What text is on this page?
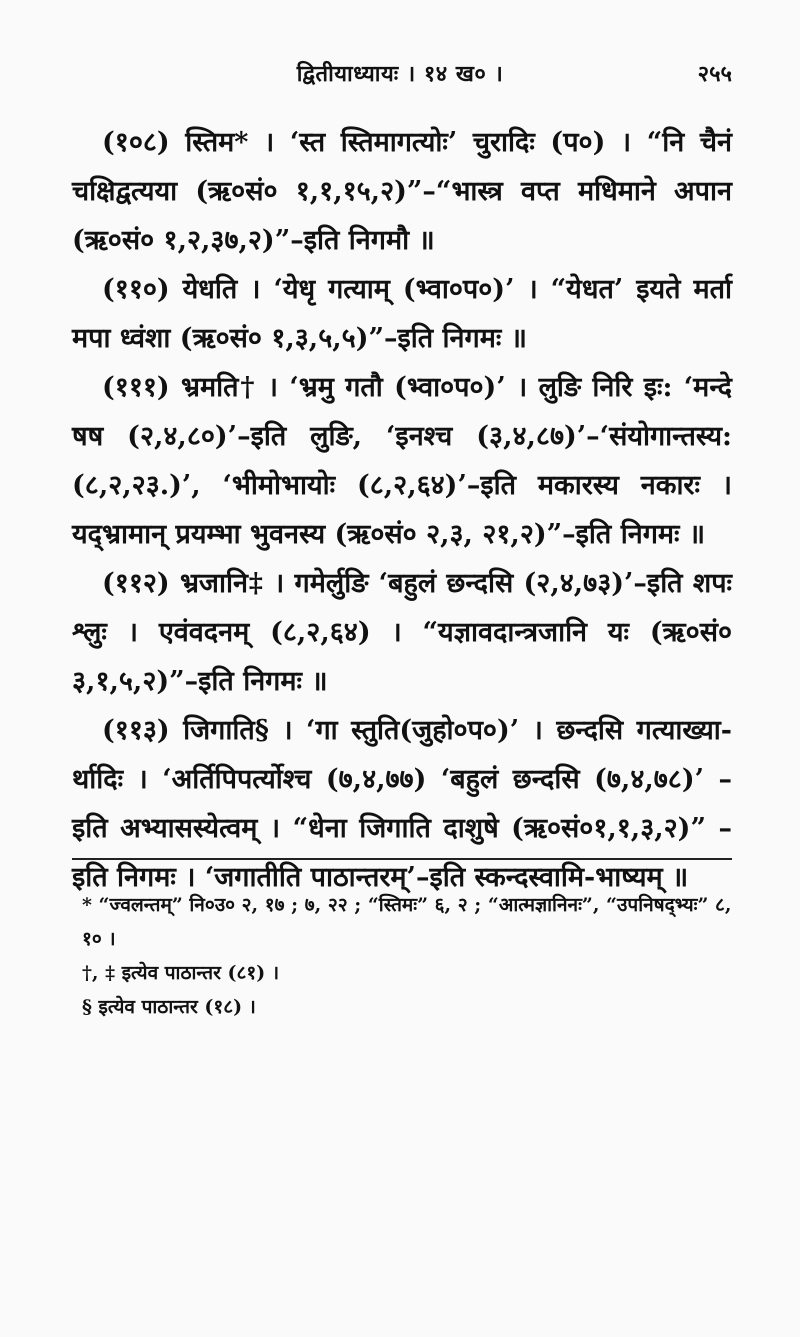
द्वितीयाध्यायः । १४ ख० ।	२५५

(१०८) स्तिम* । ‘स्त स्तिमागत्योः’ चुरादिः (प०) । “नि चैनं चक्षिद्वत्यया (ऋ०सं० १,१,१५,२)”–“भास्त्र वप्त मधिमाने अपान (ऋ०सं० १,२,३७,२)”–इति निगमौ ॥

(११०) येधति । ‘येधृ गत्याम् (भ्वा०प०)’ । “येधत’ इयते मर्ता मपा ध्वंशा (ऋ०सं० १,३,५,५)”–इति निगमः ॥

(१११) भ्रमति† । ‘भ्रमु गतौ (भ्वा०प०)’ । लुङि निरि इः: ‘मन्दे षष (२,४,८०)’–इति लुङि, ‘इनश्च (३,४,८७)’–‘संयोगान्तस्य: (८,२,२३.)’, ‘भीमोभायोः (८,२,६४)’–इति मकारस्य नकारः । यद्भ्रामान् प्रयम्भा भुवनस्य (ऋ०सं० २,३, २१,२)”–इति निगमः ॥

(११२) भ्रजानि‡ । गमेर्लुङि ‘बहुलं छन्दसि (२,४,७३)’–इति शपः श्लुः । एवंवदनम् (८,२,६४) । “यज्ञावदान्त्रजानि यः (ऋ०सं० ३,१,५,२)”–इति निगमः ॥

(११३) जिगाति§ । ‘गा स्तुति(जुहो०प०)’ । छन्दसि गत्याख्या-र्थादिः । ‘अर्तिपिपर्त्योश्च (७,४,७७) ‘बहुलं छन्दसि (७,४,७८)’ –इति अभ्यासस्येत्वम् । “धेना जिगाति दाशुषे (ऋ०सं०१,१,३,२)” –इति निगमः । ‘जगातीति पाठान्तरम्’–इति स्कन्दस्वामि-भाष्यम् ॥

* “ज्वलन्तम्” नि०उ० २, १७ ; ७, २२ ; “स्तिमः” ६, २ ; “आत्मज्ञानिनः”, “उपनिषद्भ्यः” ८, १० ।

†, ‡ इत्येव पाठान्तर (८१) ।

§ इत्येव पाठान्तर (१८) ।
